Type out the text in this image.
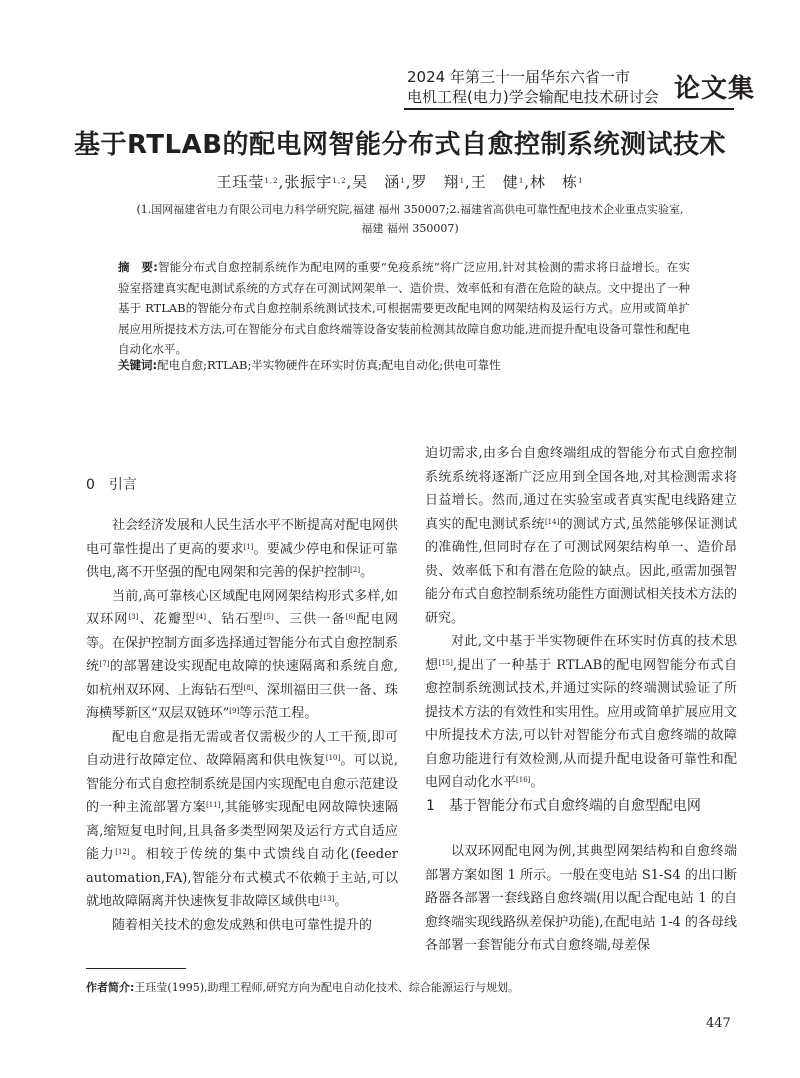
2024 年第三十一届华东六省一市
电机工程(电力)学会输配电技术研讨会 论文集
基于RTLAB的配电网智能分布式自愈控制系统测试技术
王珏莹$^{1,2}$,张振宇$^{1,2}$,吴　涵$^1$,罗　翔$^1$,王　健$^1$,林　栋$^1$
(1.国网福建省电力有限公司电力科学研究院,福建 福州 350007;2.福建省高供电可靠性配电技术企业重点实验室,
福建 福州 350007)
摘　要:智能分布式自愈控制系统作为配电网的重要“免疫系统”将广泛应用,针对其检测的需求将日益增长。在实验室搭建真实配电测试系统的方式存在可测试网架单一、造价贵、效率低和有潜在危险的缺点。文中提出了一种基于 RTLAB的智能分布式自愈控制系统测试技术,可根据需要更改配电网的网架结构及运行方式。应用或简单扩展应用所提技术方法,可在智能分布式自愈终端等设备安装前检测其故障自愈功能,进而提升配电设备可靠性和配电自动化水平。
关键词:配电自愈;RTLAB;半实物硬件在环实时仿真;配电自动化;供电可靠性
0　引言
1　基于智能分布式自愈终端的自愈型配电网

社会经济发展和人民生活水平不断提高对配电网供电可靠性提出了更高的要求[1]。要减少停电和保证可靠供电,离不开坚强的配电网架和完善的保护控制[2]。

当前,高可靠核心区域配电网网架结构形式多样,如双环网[3]、花瓣型[4]、钻石型[5]、三供一备[6]配电网等。在保护控制方面多选择通过智能分布式自愈控制系统[7]的部署建设实现配电故障的快速隔离和系统自愈,如杭州双环网、上海钻石型[8]、深圳福田三供一备、珠海横琴新区“双层双链环”[9]等示范工程。

配电自愈是指无需或者仅需极少的人工干预,即可自动进行故障定位、故障隔离和供电恢复[10]。可以说,智能分布式自愈控制系统是国内实现配电自愈示范建设的一种主流部署方案[11],其能够实现配电网故障快速隔离,缩短复电时间,且具备多类型网架及运行方式自适应能力[12]。相较于传统的集中式馈线自动化(feeder automation,FA),智能分布式模式不依赖于主站,可以就地故障隔离并快速恢复非故障区域供电[13]。

随着相关技术的愈发成熟和供电可靠性提升的

迫切需求,由多台自愈终端组成的智能分布式自愈控制系统系统将逐渐广泛应用到全国各地,对其检测需求将日益增长。然而,通过在实验室或者真实配电线路建立真实的配电测试系统[14]的测试方式,虽然能够保证测试的准确性,但同时存在了可测试网架结构单一、造价昂贵、效率低下和有潜在危险的缺点。因此,亟需加强智能分布式自愈控制系统功能性方面测试相关技术方法的研究。

对此,文中基于半实物硬件在环实时仿真的技术思想[15],提出了一种基于 RTLAB的配电网智能分布式自愈控制系统测试技术,并通过实际的终端测试验证了所提技术方法的有效性和实用性。应用或简单扩展应用文中所提技术方法,可以针对智能分布式自愈终端的故障自愈功能进行有效检测,从而提升配电设备可靠性和配电网自动化水平[16]。

以双环网配电网为例,其典型网架结构和自愈终端部署方案如图 1 所示。一般在变电站 S1-S4 的出口断路器各部署一套线路自愈终端(用以配合配电站 1 的自愈终端实现线路纵差保护功能),在配电站 1-4 的各母线各部署一套智能分布式自愈终端,母差保

作者简介:王珏莹(1995),助理工程师,研究方向为配电自动化技术、综合能源运行与规划。
447
